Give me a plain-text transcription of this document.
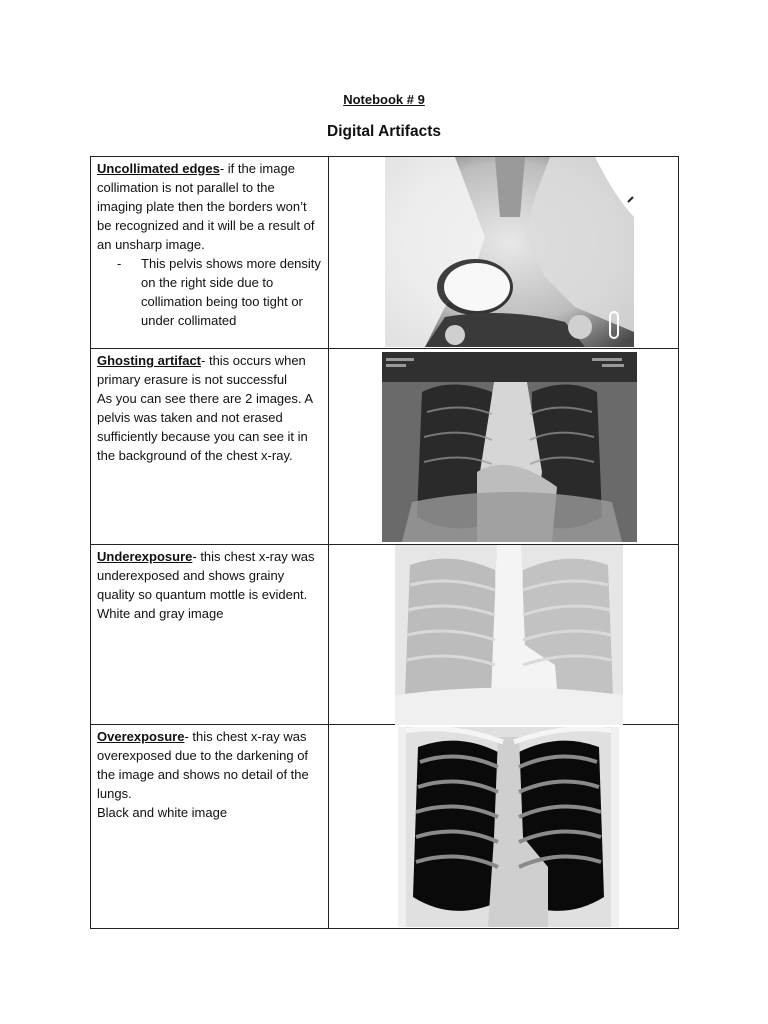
Notebook # 9
Digital Artifacts
Uncollimated edges- if the image collimation is not parallel to the imaging plate then the borders won’t be recognized and it will be a result of an unsharp image.
- This pelvis shows more density on the right side due to collimation being too tight or under collimated

Ghosting artifact- this occurs when primary erasure is not successful
As you can see there are 2 images. A pelvis was taken and not erased sufficiently because you can see it in the background of the chest x-ray.

Underexposure- this chest x-ray was underexposed and shows grainy quality so quantum mottle is evident.
White and gray image

Overexposure- this chest x-ray was overexposed due to the darkening of the image and shows no detail of the lungs.
Black and white image
